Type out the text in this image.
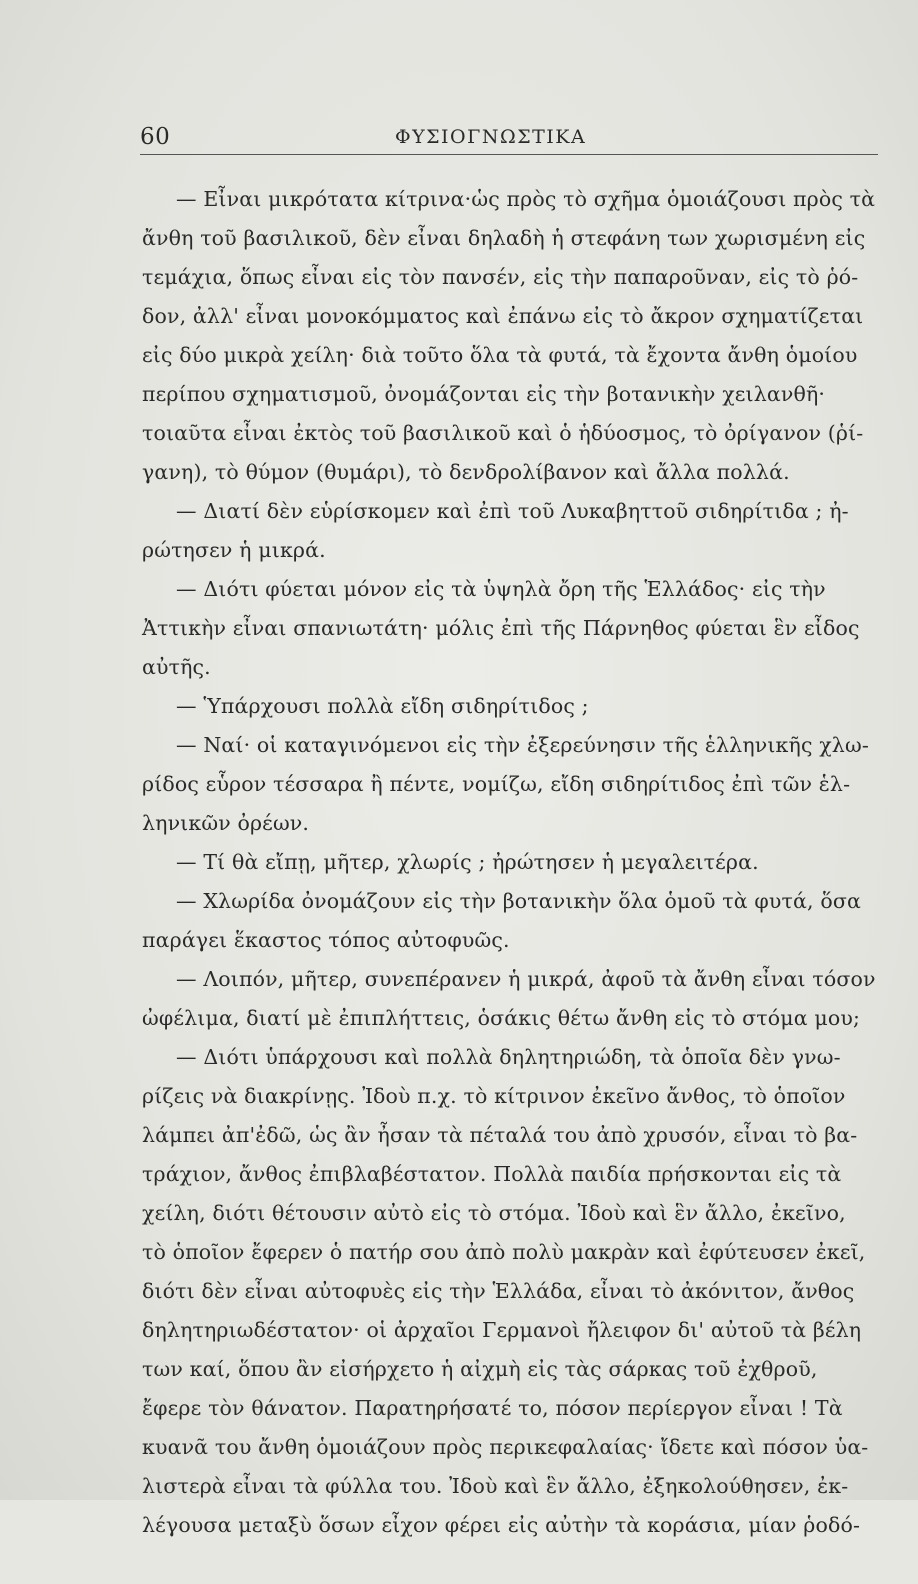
60	ΦΥΣΙΟΓΝΩΣΤΙΚΑ
— Εἶναι μικρότατα κίτρινα·ὡς πρὸς τὸ σχῆμα ὁμοιάζουσι πρὸς τὰ
ἄνθη τοῦ βασιλικοῦ, δὲν εἶναι δηλαδὴ ἡ στεφάνη των χωρισμένη εἰς
τεμάχια, ὅπως εἶναι εἰς τὸν πανσέν, εἰς τὴν παπαροῦναν, εἰς τὸ ῥό-
δον, ἀλλ' εἶναι μονοκόμματος καὶ ἐπάνω εἰς τὸ ἄκρον σχηματίζεται
εἰς δύο μικρὰ χείλη· διὰ τοῦτο ὅλα τὰ φυτά, τὰ ἔχοντα ἄνθη ὁμοίου
περίπου σχηματισμοῦ, ὀνομάζονται εἰς τὴν βοτανικὴν χειλανθῆ·
τοιαῦτα εἶναι ἐκτὸς τοῦ βασιλικοῦ καὶ ὁ ἡδύοσμος, τὸ ὀρίγανον (ῥί-
γανη), τὸ θύμον (θυμάρι), τὸ δενδρολίβανον καὶ ἄλλα πολλά.
— Διατί δὲν εὑρίσκομεν καὶ ἐπὶ τοῦ Λυκαβηττοῦ σιδηρίτιδα ; ἠ-
ρώτησεν ἡ μικρά.
— Διότι φύεται μόνον εἰς τὰ ὑψηλὰ ὄρη τῆς Ἑλλάδος· εἰς τὴν
Ἀττικὴν εἶναι σπανιωτάτη· μόλις ἐπὶ τῆς Πάρνηθος φύεται ἓν εἶδος
αὐτῆς.
— Ὑπάρχουσι πολλὰ εἴδη σιδηρίτιδος ;
— Ναί· οἱ καταγινόμενοι εἰς τὴν ἐξερεύνησιν τῆς ἑλληνικῆς χλω-
ρίδος εὗρον τέσσαρα ἢ πέντε, νομίζω, εἴδη σιδηρίτιδος ἐπὶ τῶν ἑλ-
ληνικῶν ὀρέων.
— Τί θὰ εἴπῃ, μῆτερ, χλωρίς ; ἠρώτησεν ἡ μεγαλειτέρα.
— Χλωρίδα ὀνομάζουν εἰς τὴν βοτανικὴν ὅλα ὁμοῦ τὰ φυτά, ὅσα
παράγει ἕκαστος τόπος αὐτοφυῶς.
— Λοιπόν, μῆτερ, συνεπέρανεν ἡ μικρά, ἀφοῦ τὰ ἄνθη εἶναι τόσον
ὠφέλιμα, διατί μὲ ἐπιπλήττεις, ὁσάκις θέτω ἄνθη εἰς τὸ στόμα μου;
— Διότι ὑπάρχουσι καὶ πολλὰ δηλητηριώδη, τὰ ὁποῖα δὲν γνω-
ρίζεις νὰ διακρίνῃς. Ἰδοὺ π.χ. τὸ κίτρινον ἐκεῖνο ἄνθος, τὸ ὁποῖον
λάμπει ἀπ'ἐδῶ, ὡς ἂν ἦσαν τὰ πέταλά του ἀπὸ χρυσόν, εἶναι τὸ βα-
τράχιον, ἄνθος ἐπιβλαβέστατον. Πολλὰ παιδία πρήσκονται εἰς τὰ
χείλη, διότι θέτουσιν αὐτὸ εἰς τὸ στόμα. Ἰδοὺ καὶ ἓν ἄλλο, ἐκεῖνο,
τὸ ὁποῖον ἔφερεν ὁ πατήρ σου ἀπὸ πολὺ μακρὰν καὶ ἐφύτευσεν ἐκεῖ,
διότι δὲν εἶναι αὐτοφυὲς εἰς τὴν Ἑλλάδα, εἶναι τὸ ἀκόνιτον, ἄνθος
δηλητηριωδέστατον· οἱ ἀρχαῖοι Γερμανοὶ ἤλειφον δι' αὐτοῦ τὰ βέλη
των καί, ὅπου ἂν εἰσήρχετο ἡ αἰχμὴ εἰς τὰς σάρκας τοῦ ἐχθροῦ,
ἔφερε τὸν θάνατον. Παρατηρήσατέ το, πόσον περίεργον εἶναι ! Τὰ
κυανᾶ του ἄνθη ὁμοιάζουν πρὸς περικεφαλαίας· ἴδετε καὶ πόσον ὑα-
λιστερὰ εἶναι τὰ φύλλα του. Ἰδοὺ καὶ ἓν ἄλλο, ἐξηκολούθησεν, ἐκ-
λέγουσα μεταξὺ ὅσων εἶχον φέρει εἰς αὐτὴν τὰ κοράσια, μίαν ῥοδό-
